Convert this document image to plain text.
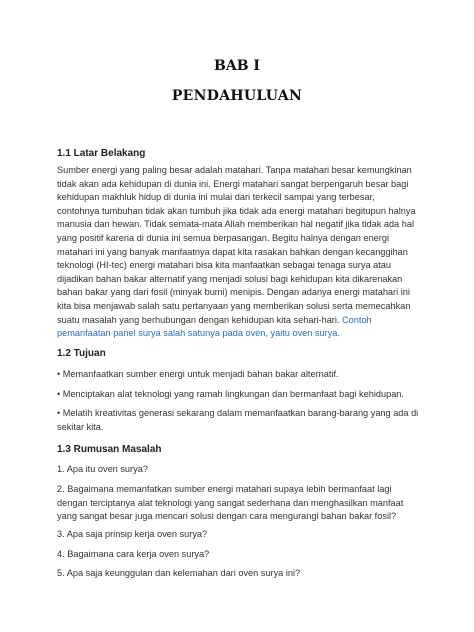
BAB I
PENDAHULUAN
1.1 Latar Belakang
Sumber energi yang paling besar adalah matahari. Tanpa matahari besar kemungkinan tidak akan ada kehidupan di dunia ini. Energi matahari sangat berpengaruh besar bagi kehidupan makhluk hidup di dunia ini mulai dari terkecil sampai yang terbesar, contohnya tumbuhan tidak akan tumbuh jika tidak ada energi matahari begitupun halnya manusia dan hewan. Tidak semata-mata Allah memberikan hal negatif jika tidak ada hal yang positif karena di dunia ini semua berpasangan. Begitu halnya dengan energi matahari ini yang banyak manfaatnya dapat kita rasakan bahkan dengan kecanggihan teknologi (HI-tec) energi matahari bisa kita manfaatkan sebagai tenaga surya atau dijadikan bahan bakar alternatif yang menjadi solusi bagi kehidupan kita dikarenakan bahan bakar yang dari fosil (minyak bumi) menipis. Dengan adanya energi matahari ini kita bisa menjawab salah satu pertanyaan yang memberikan solusi serta memecahkan suatu masalah yang berhubungan dengan kehidupan kita sehari-hari. Contoh pemanfaatan panel surya salah satunya pada oven, yaitu oven surya.
1.2 Tujuan
• Memanfaatkan sumber energi untuk menjadi bahan bakar alternatif.
• Menciptakan alat teknologi yang ramah lingkungan dan bermanfaat bagi kehidupan.
• Melatih kreativitas generasi sekarang dalam memanfaatkan barang-barang yang ada di sekitar kita.
1.3 Rumusan Masalah
1. Apa itu oven surya?
2. Bagaimana memanfatkan sumber energi matahari supaya lebih bermanfaat lagi dengan terciptanya alat teknologi yang sangat sederhana dan menghasilkan manfaat yang sangat besar juga mencari solusi dengan cara mengurangi bahan bakar fosil?
3. Apa saja prinsip kerja oven surya?
4. Bagaimana cara kerja oven surya?
5. Apa saja keunggulan dan kelemahan dari oven surya ini?
